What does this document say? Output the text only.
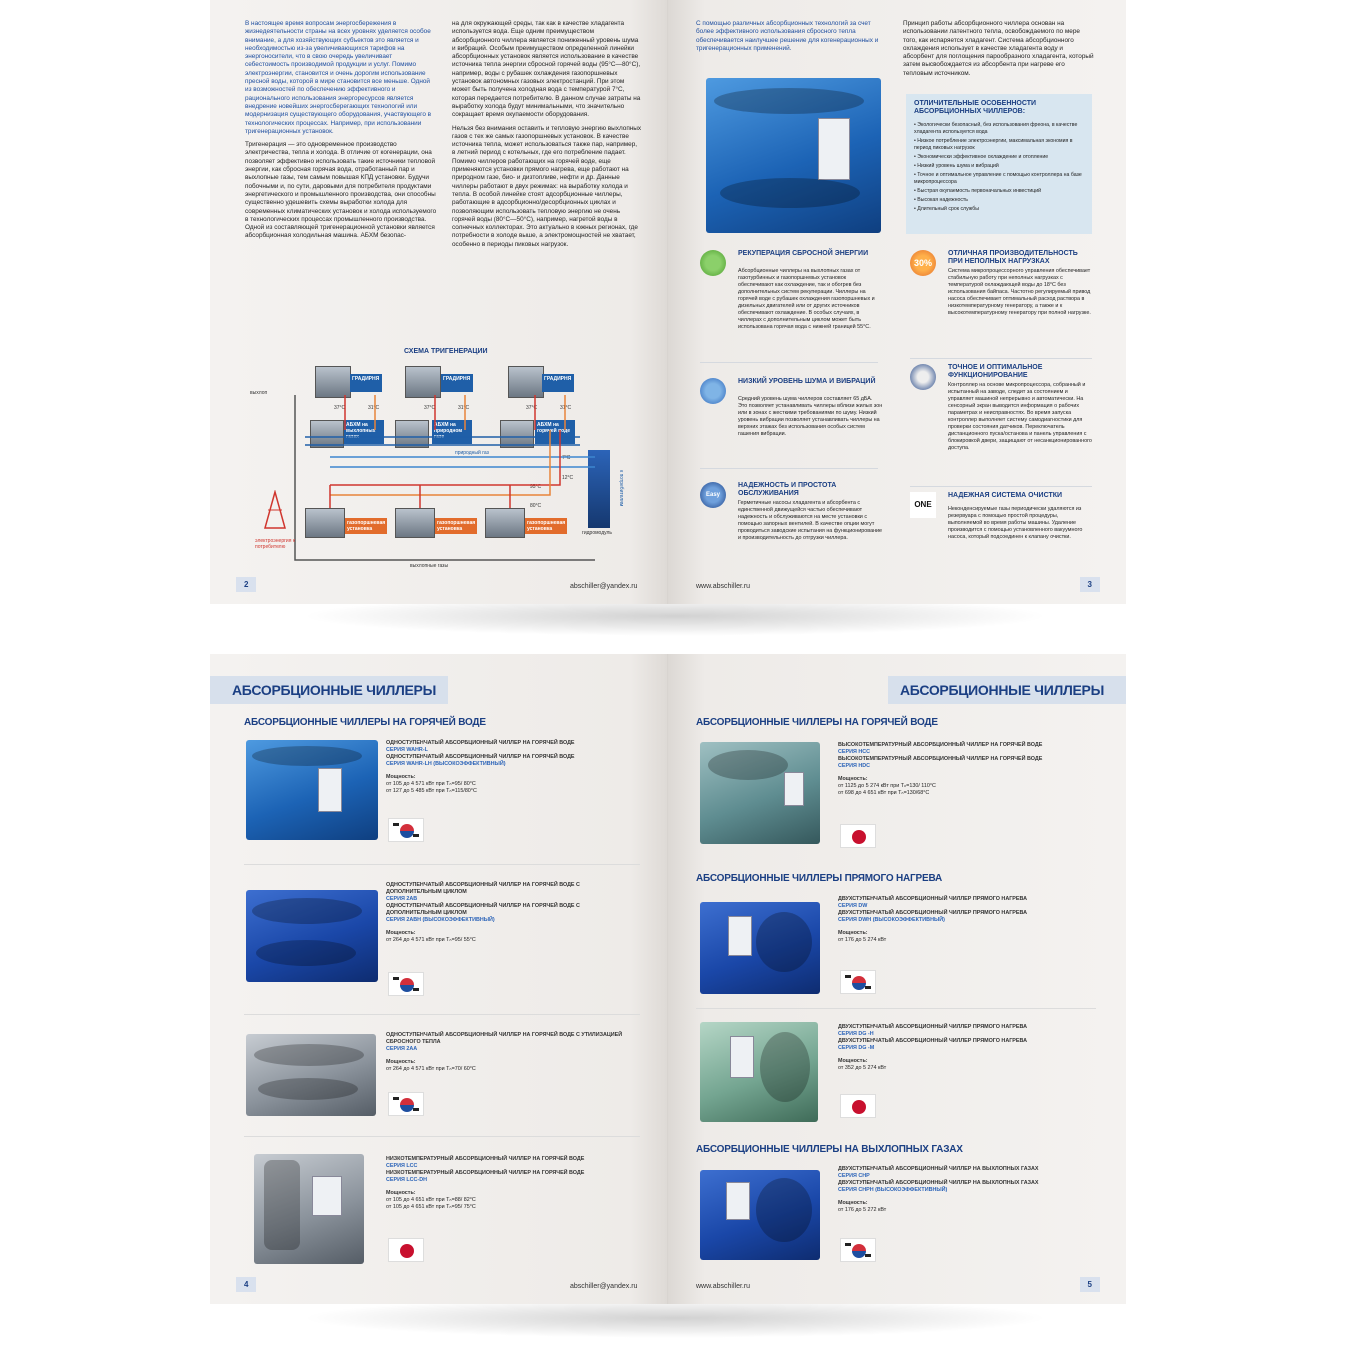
В настоящее время вопросам энергосбережения в жизнедеятельности страны на всех уровнях уделяется особое внимание, а для хозяйствующих субъектов это является и необходимостью из-за увеличивающихся тарифов на энергоносители, что в свою очередь увеличивает себестоимость производимой продукции и услуг. Помимо электроэнергии, становится и очень дорогим использование пресной воды, которой в мире становится все меньше. Одной из возможностей по обеспечению эффективного и рационального использования энергоресурсов является внедрение новейших энергосберегающих технологий или модернизация существующего оборудования, участвующего в технологических процессах. Например, при использовании тригенерационных установок.

Тригенерация — это одновременное производство электричества, тепла и холода. В отличие от когенерации, она позволяет эффективно использовать такие источники тепловой энергии, как сбросная горячая вода, отработанный пар и выхлопные газы, тем самым повышая КПД установки. Будучи побочными и, по сути, даровыми для потребителя продуктами энергетического и промышленного производства, они способны существенно удешевить схемы выработки холода для современных климатических установок и холода используемого в технологических процессах промышленного производства. Одной из составляющей тригенерационной установки является абсорбционная холодильная машина. АБХМ безопас-

на для окружающей среды, так как в качестве хладагента используется вода. Еще одним преимуществом абсорбционного чиллера является пониженный уровень шума и вибраций. Особым преимуществом определенной линейки абсорбционных установок является использование в качестве источника тепла энергии сбросной горячей воды (95°С—80°С), например, воды с рубашек охлаждения газопоршневых установок автономных газовых электростанций. При этом может быть получена холодная вода с температурой 7°С, которая передается потребителю. В данном случае затраты на выработку холода будут минимальными, что значительно сокращает время окупаемости оборудования.

Нельзя без внимания оставить и тепловую энергию выхлопных газов с тех же самых газопоршневых установок. В качестве источника тепла, может использоваться также пар, например, в летний период с котельных, где его потребление падает. Помимо чиллеров работающих на горячей воде, еще применяются установки прямого нагрева, еще работают на природном газе, био- и дизтопливе, нефти и др. Данные чиллеры работают в двух режимах: на выработку холода и тепла. В особой линейке стоят адсорбционные чиллеры, работающие в адсорбционно/десорбционных циклах и позволяющим использовать тепловую энергию не очень горячей воды (80°С—50°С), например, нагретой воды в солнечных коллекторах. Это актуально в южных регионах, где потребности в холоде выше, а электромощностей не хватает, особенно в периоды пиковых нагрузок.

СХЕМА ТРИГЕНЕРАЦИИ
ГРАДИРНЯ	ГРАДИРНЯ	ГРАДИРНЯ
37°C	31°C	37°C	31°C	37°C	31°C
АБХМ на выхлопных газах
АБХМ на природном газе
АБХМ на горячей воде
выхлоп
природный газ
7°C
12°C
95°C
80°C
гидромодуль
к потребителям
газопоршневая установка
газопоршневая установка
газопоршневая установка
электроэнергия к потребителю
выхлопные газы
2	abschiller@yandex.ru
С помощью различных абсорбционных технологий за счет более эффективного использования сбросного тепла обеспечивается наилучшее решение для когенерационных и тригенерационных применений.
Принцип работы абсорбционного чиллера основан на использовании латентного тепла, освобождаемого по мере того, как испаряется хладагент. Система абсорбционного охлаждения использует в качестве хладагента воду и абсорбент для поглощения парообразного хладагента, который затем высвобождается из абсорбента при нагреве его тепловым источником.
ОТЛИЧИТЕЛЬНЫЕ ОСОБЕННОСТИ АБСОРБЦИОННЫХ ЧИЛЛЕРОВ:
• Экологически безопасный, без использования фреона, в качестве хладагента используется вода
• Низкое потребление электроэнергии, максимальная экономия в период пиковых нагрузок
• Экономически эффективное охлаждение и отопление
• Низкий уровень шума и вибраций
• Точное и оптимальное управление с помощью контроллера на базе микропроцессора
• Быстрая окупаемость первоначальных инвестиций
• Высокая надежность
• Длительный срок службы
РЕКУПЕРАЦИЯ СБРОСНОЙ ЭНЕРГИИ

Абсорбционные чиллеры на выхлопных газах от газотурбинных и газопоршневых установок обеспечивают как охлаждение, так и обогрев без дополнительных систем рекуперации. Чиллеры на горячей воде с рубашек охлаждения газопоршневых и дизельных двигателей или от других источников обеспечивают охлаждение. В особых случаях, в чиллерах с дополнительным циклом может быть использована горячая вода с нижней границей 55°С.

30%
ОТЛИЧНАЯ ПРОИЗВОДИТЕЛЬНОСТЬ ПРИ НЕПОЛНЫХ НАГРУЗКАХ

Система микропроцессорного управления обеспечивает стабильную работу при неполных нагрузках с температурой охлаждающей воды до 18°С без использования байпаса. Частотно регулируемый привод насоса обеспечивает оптимальный расход раствора в низкотемпературному генератору, а также и к высокотемпературному генератору при полной нагрузке.

НИЗКИЙ УРОВЕНЬ ШУМА И ВИБРАЦИЙ

Средний уровень шума чиллеров составляет 65 дБА. Это позволяет устанавливать чиллеры вблизи жилых зон или в зонах с жесткими требованиями по шуму. Низкий уровень вибрации позволяет устанавливать чиллеры на верхних этажах без использования особых систем гашения вибрации.

ТОЧНОЕ И ОПТИМАЛЬНОЕ ФУНКЦИОНИРОВАНИЕ

Контроллер на основе микропроцессора, собранный и испытанный на заводе, следит за состоянием и управляет машиной непрерывно и автоматически. На сенсорный экран выводится информация о рабочих параметрах и неисправностях. Во время запуска контроллер выполняет систему самодиагностики для проверки состояния датчиков. Переключатель дистанционного пуска/останова и панель управления с блокировкой двери, защищают от несанкционированного доступа.

Easy
НАДЕЖНОСТЬ И ПРОСТОТА ОБСЛУЖИВАНИЯ

Герметичные насосы хладагента и абсорбента с единственной движущейся частью обеспечивают надежность и обслуживаются на месте установки с помощью запорных вентилей. В качестве опции могут проводиться заводские испытания на функционирование и производительность до отгрузки чиллера.

ONE
НАДЕЖНАЯ СИСТЕМА ОЧИСТКИ

Неконденсируемые газы периодически удаляются из резервуара с помощью простой процедуры, выполняемой во время работы машины. Удаление производится с помощью установленного вакуумного насоса, который подсоединен к клапану очистки.

www.abschiller.ru	3
АБСОРБЦИОННЫЕ ЧИЛЛЕРЫ
АБСОРБЦИОННЫЕ ЧИЛЛЕРЫ НА ГОРЯЧЕЙ ВОДЕ
ОДНОСТУПЕНЧАТЫЙ АБСОРБЦИОННЫЙ ЧИЛЛЕР НА ГОРЯЧЕЙ ВОДЕ
СЕРИЯ WAHR-L
ОДНОСТУПЕНЧАТЫЙ АБСОРБЦИОННЫЙ ЧИЛЛЕР НА ГОРЯЧЕЙ ВОДЕ
СЕРИЯ WAHR-LH (ВЫСОКОЭФФЕКТИВНЫЙ)
Мощность:
от 105 до 4 571 кВт при Тₙ=95/ 80°С
от 127 до 5 485 кВт при Тₙ=115/80°С
ОДНОСТУПЕНЧАТЫЙ АБСОРБЦИОННЫЙ ЧИЛЛЕР НА ГОРЯЧЕЙ ВОДЕ С ДОПОЛНИТЕЛЬНЫМ ЦИКЛОМ
СЕРИЯ 2AB
ОДНОСТУПЕНЧАТЫЙ АБСОРБЦИОННЫЙ ЧИЛЛЕР НА ГОРЯЧЕЙ ВОДЕ С ДОПОЛНИТЕЛЬНЫМ ЦИКЛОМ
СЕРИЯ 2ABH (ВЫСОКОЭФФЕКТИВНЫЙ)
Мощность:
от 264 до 4 571 кВт при Тₙ=95/ 55°С
ОДНОСТУПЕНЧАТЫЙ АБСОРБЦИОННЫЙ ЧИЛЛЕР НА ГОРЯЧЕЙ ВОДЕ С УТИЛИЗАЦИЕЙ СБРОСНОГО ТЕПЛА
СЕРИЯ 2AA
Мощность:
от 264 до 4 571 кВт при Тₙ=70/ 60°С
НИЗКОТЕМПЕРАТУРНЫЙ АБСОРБЦИОННЫЙ ЧИЛЛЕР НА ГОРЯЧЕЙ ВОДЕ
СЕРИЯ LCC
НИЗКОТЕМПЕРАТУРНЫЙ АБСОРБЦИОННЫЙ ЧИЛЛЕР НА ГОРЯЧЕЙ ВОДЕ
СЕРИЯ LCC-DH
Мощность:
от 105 до 4 651 кВт при Тₙ=88/ 82°С
от 105 до 4 651 кВт при Тₙ=95/ 75°С
4	abschiller@yandex.ru
АБСОРБЦИОННЫЕ ЧИЛЛЕРЫ
АБСОРБЦИОННЫЕ ЧИЛЛЕРЫ НА ГОРЯЧЕЙ ВОДЕ
ВЫСОКОТЕМПЕРАТУРНЫЙ АБСОРБЦИОННЫЙ ЧИЛЛЕР НА ГОРЯЧЕЙ ВОДЕ
СЕРИЯ HCC
ВЫСОКОТЕМПЕРАТУРНЫЙ АБСОРБЦИОННЫЙ ЧИЛЛЕР НА ГОРЯЧЕЙ ВОДЕ
СЕРИЯ HDC
Мощность:
от 1125 до 5 274 кВт при Тₙ=130/ 110°С
от 698 до 4 651 кВт при Тₙ=130/68°С
АБСОРБЦИОННЫЕ ЧИЛЛЕРЫ ПРЯМОГО НАГРЕВА
ДВУХСТУПЕНЧАТЫЙ АБСОРБЦИОННЫЙ ЧИЛЛЕР ПРЯМОГО НАГРЕВА
СЕРИЯ DW
ДВУХСТУПЕНЧАТЫЙ АБСОРБЦИОННЫЙ ЧИЛЛЕР ПРЯМОГО НАГРЕВА
СЕРИЯ DWH (ВЫСОКОЭФФЕКТИВНЫЙ)
Мощность:
от 176 до 5 274 кВт
ДВУХСТУПЕНЧАТЫЙ АБСОРБЦИОННЫЙ ЧИЛЛЕР ПРЯМОГО НАГРЕВА
СЕРИЯ DG -H
ДВУХСТУПЕНЧАТЫЙ АБСОРБЦИОННЫЙ ЧИЛЛЕР ПРЯМОГО НАГРЕВА
СЕРИЯ DG -M
Мощность:
от 352 до 5 274 кВт
АБСОРБЦИОННЫЕ ЧИЛЛЕРЫ НА ВЫХЛОПНЫХ ГАЗАХ
ДВУХСТУПЕНЧАТЫЙ АБСОРБЦИОННЫЙ ЧИЛЛЕР НА ВЫХЛОПНЫХ ГАЗАХ
СЕРИЯ CHP
ДВУХСТУПЕНЧАТЫЙ АБСОРБЦИОННЫЙ ЧИЛЛЕР НА ВЫХЛОПНЫХ ГАЗАХ
СЕРИЯ CHPH (ВЫСОКОЭФФЕКТИВНЫЙ)
Мощность:
от 176 до 5 272 кВт
www.abschiller.ru	5
